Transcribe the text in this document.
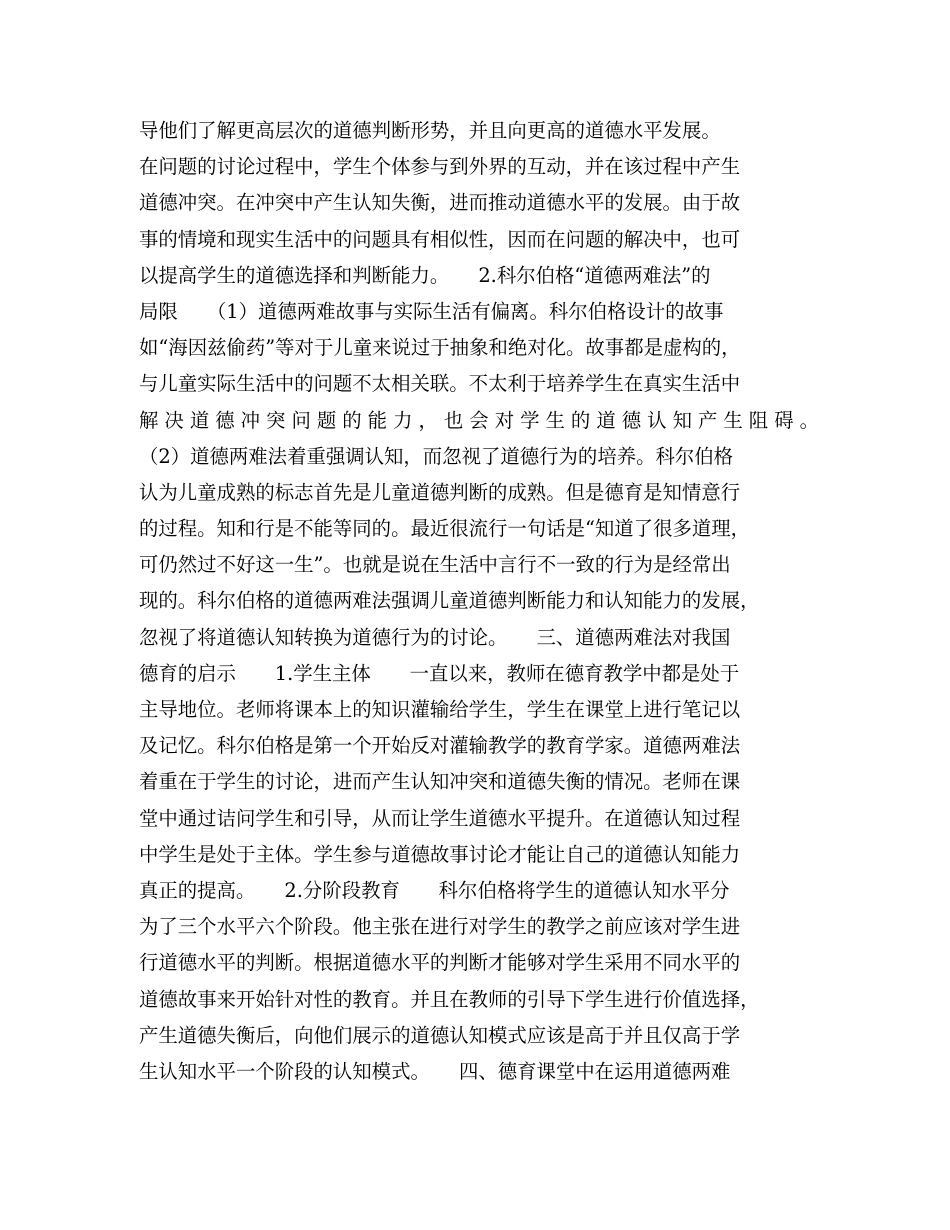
导他们了解更高层次的道德判断形势，并且向更高的道德水平发展。
在问题的讨论过程中，学生个体参与到外界的互动，并在该过程中产生
道德冲突。在冲突中产生认知失衡，进而推动道德水平的发展。由于故
事的情境和现实生活中的问题具有相似性，因而在问题的解决中，也可
以提高学生的道德选择和判断能力。　　2.科尔伯格“道德两难法”的
局限　　（1）道德两难故事与实际生活有偏离。科尔伯格设计的故事
如“海因兹偷药”等对于儿童来说过于抽象和绝对化。故事都是虚构的，
与儿童实际生活中的问题不太相关联。不太利于培养学生在真实生活中
解决道德冲突问题的能力，也会对学生的道德认知产生阻碍。
（2）道德两难法着重强调认知，而忽视了道德行为的培养。科尔伯格
认为儿童成熟的标志首先是儿童道德判断的成熟。但是德育是知情意行
的过程。知和行是不能等同的。最近很流行一句话是“知道了很多道理，
可仍然过不好这一生”。也就是说在生活中言行不一致的行为是经常出
现的。科尔伯格的道德两难法强调儿童道德判断能力和认知能力的发展，
忽视了将道德认知转换为道德行为的讨论。　　三、道德两难法对我国
德育的启示　　1.学生主体　　一直以来，教师在德育教学中都是处于
主导地位。老师将课本上的知识灌输给学生，学生在课堂上进行笔记以
及记忆。科尔伯格是第一个开始反对灌输教学的教育学家。道德两难法
着重在于学生的讨论，进而产生认知冲突和道德失衡的情况。老师在课
堂中通过诘问学生和引导，从而让学生道德水平提升。在道德认知过程
中学生是处于主体。学生参与道德故事讨论才能让自己的道德认知能力
真正的提高。　　2.分阶段教育　　科尔伯格将学生的道德认知水平分
为了三个水平六个阶段。他主张在进行对学生的教学之前应该对学生进
行道德水平的判断。根据道德水平的判断才能够对学生采用不同水平的
道德故事来开始针对性的教育。并且在教师的引导下学生进行价值选择，
产生道德失衡后，向他们展示的道德认知模式应该是高于并且仅高于学
生认知水平一个阶段的认知模式。　　四、德育课堂中在运用道德两难
